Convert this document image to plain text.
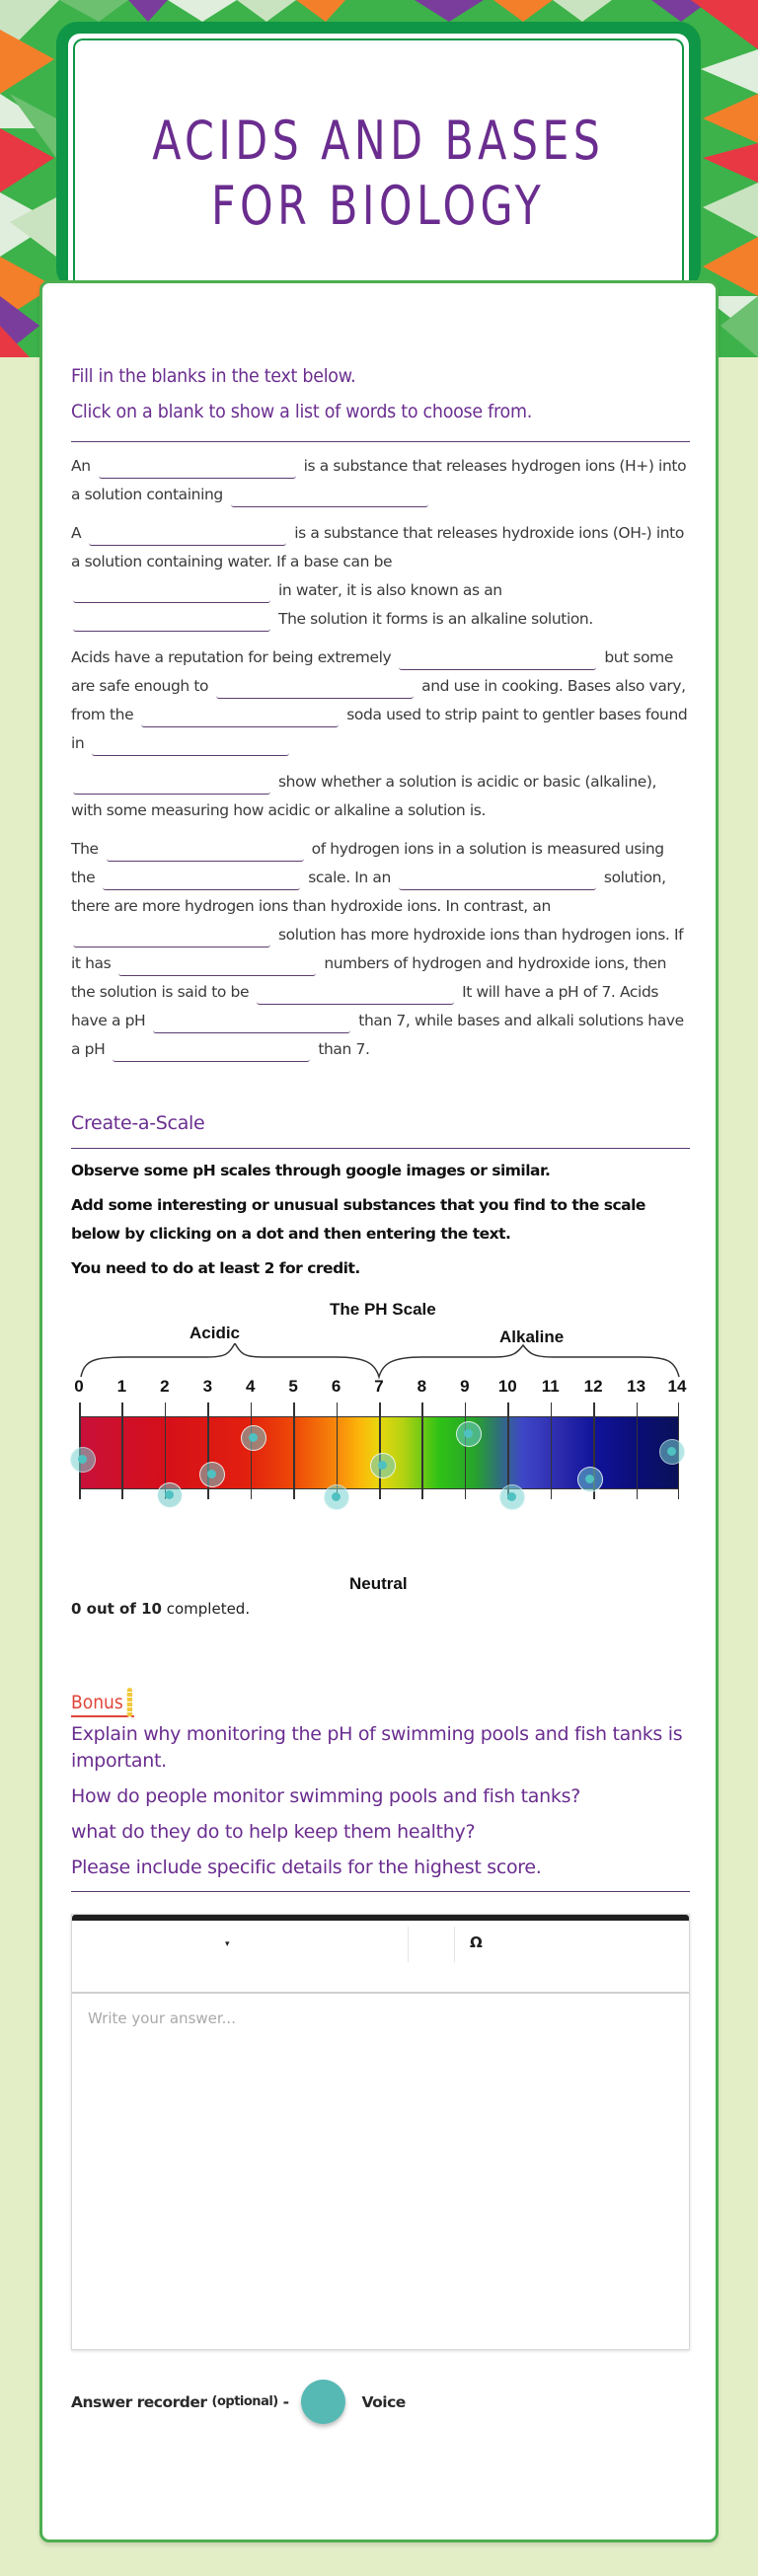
ACIDS AND BASES
FOR BIOLOGY
Fill in the blanks in the text below.
Click on a blank to show a list of words to choose from.
An	is a substance that releases hydrogen ions (H+) into a solution containing
A	is a substance that releases hydroxide ions (OH-) into a solution containing water. If a base can be
in water, it is also known as an
The solution it forms is an alkaline solution.
Acids have a reputation for being extremely	but some are safe enough to	and use in cooking. Bases also vary, from the	soda used to strip paint to gentler bases found in
show whether a solution is acidic or basic (alkaline), with some measuring how acidic or alkaline a solution is.
The	of hydrogen ions in a solution is measured using the	scale. In an	solution, there are more hydrogen ions than hydroxide ions. In contrast, an
solution has more hydroxide ions than hydrogen ions. If it has	numbers of hydrogen and hydroxide ions, then the solution is said to be	It will have a pH of 7. Acids have a pH	than 7, while bases and alkali solutions have a pH	than 7.
Create-a-Scale

Observe some pH scales through google images or similar.

Add some interesting or unusual substances that you find to the scale below by clicking on a dot and then entering the text.

You need to do at least 2 for credit.

The PH Scale
Acidic	Alkaline
0	1	2	3	4	5	6	7	8	9	10	11	12	13	14
Neutral
0 out of 10 completed.
Bonus

Explain why monitoring the pH of swimming pools and fish tanks is important.

How do people monitor swimming pools and fish tanks?

what do they do to help keep them healthy?

Please include specific details for the highest score.

▾	Ω
Write your answer...
Answer recorder (optional) -	Voice
